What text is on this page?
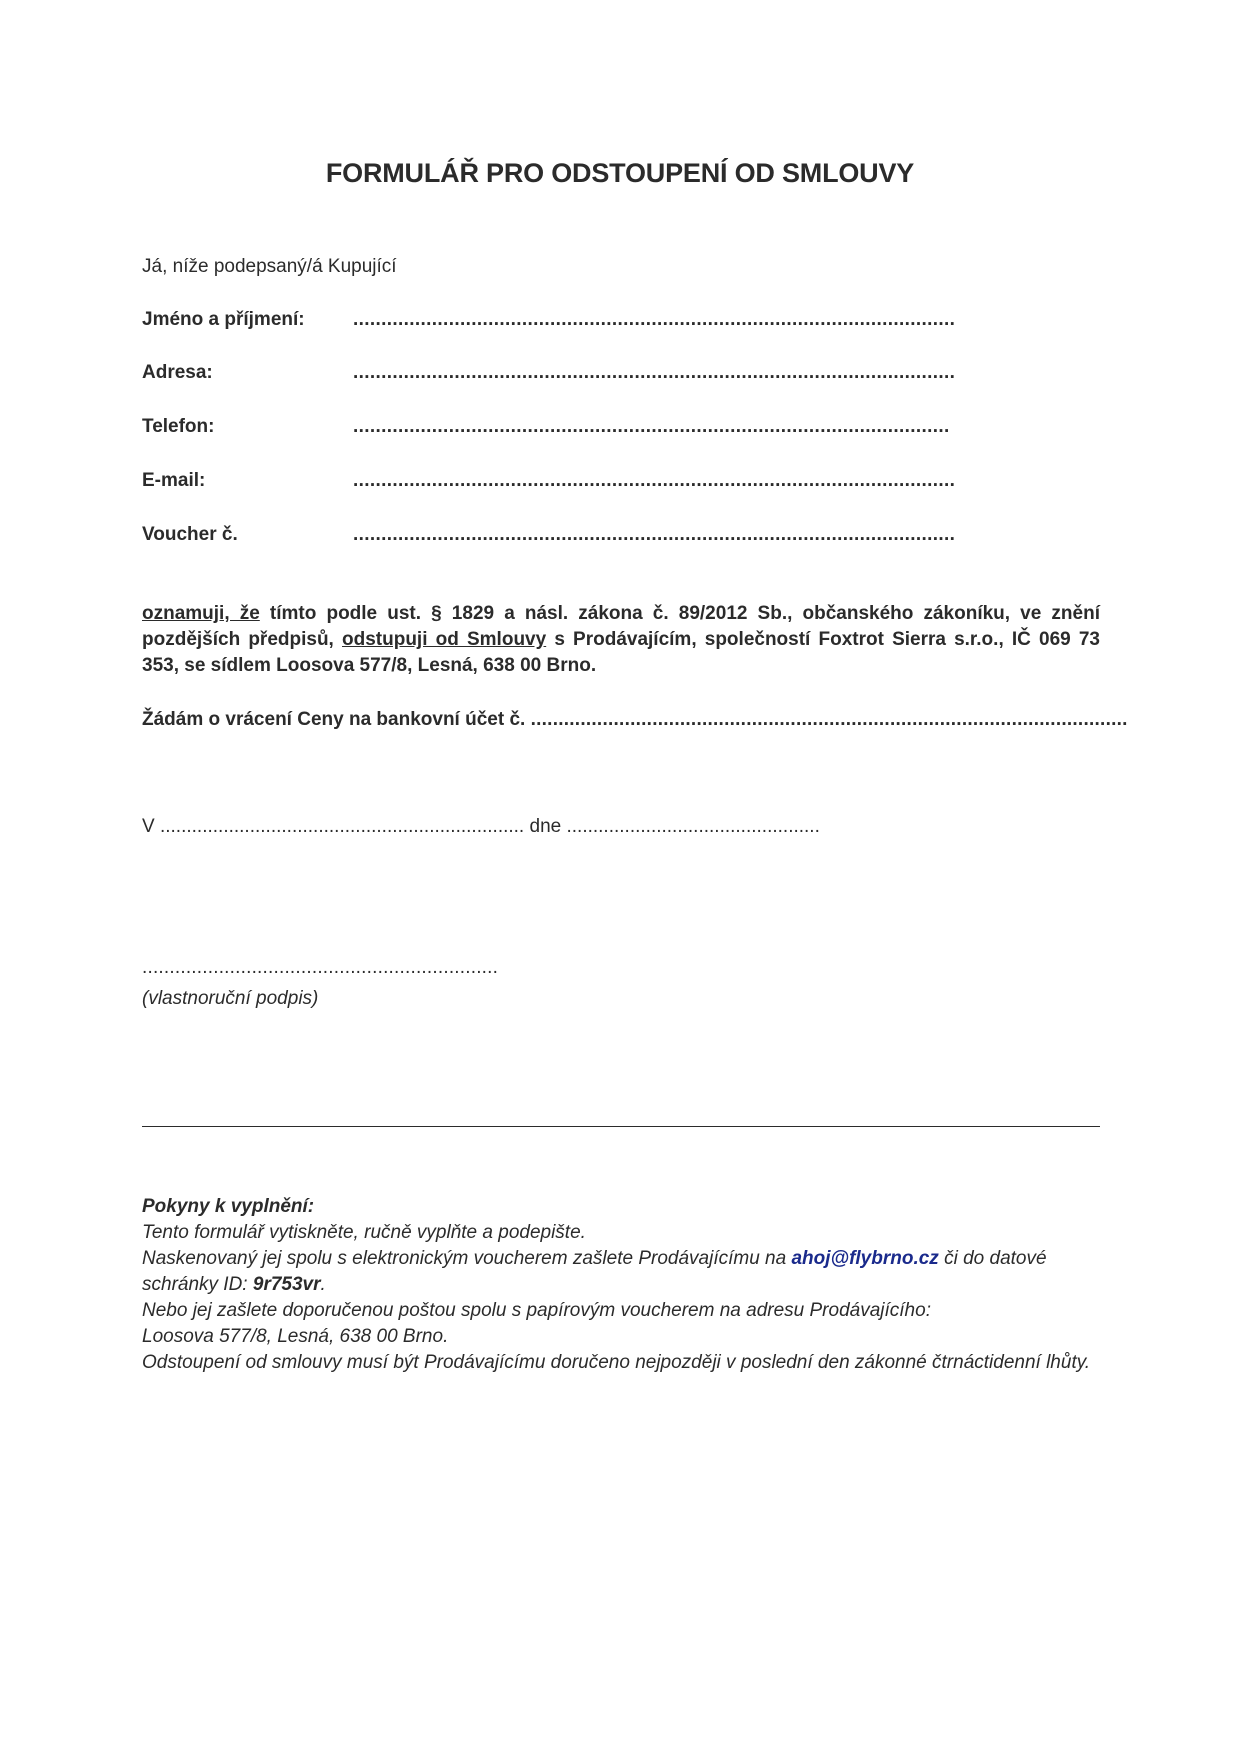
FORMULÁŘ PRO ODSTOUPENÍ OD SMLOUVY
Já, níže podepsaný/á Kupující
Jméno a příjmení:	...........................................................................................................
Adresa:	...........................................................................................................
Telefon:	..........................................................................................................
E-mail:	...........................................................................................................
Voucher č.	...........................................................................................................
oznamuji, že tímto podle ust. § 1829 a násl. zákona č. 89/2012 Sb., občanského zákoníku, ve znění pozdějších předpisů, odstupuji od Smlouvy s Prodávajícím, společností Foxtrot Sierra s.r.o., IČ 069 73 353, se sídlem Loosova 577/8, Lesná, 638 00 Brno.
Žádám o vrácení Ceny na bankovní účet č. ............................................................................................................
V ..................................................................... dne ................................................
.................................................................
(vlastnoruční podpis)

Pokyny k vyplnění:

Tento formulář vytiskněte, ručně vyplňte a podepište.

Naskenovaný jej spolu s elektronickým voucherem zašlete Prodávajícímu na ahoj@flybrno.cz či do datové schránky ID: 9r753vr.

Nebo jej zašlete doporučenou poštou spolu s papírovým voucherem na adresu Prodávajícího:

Loosova 577/8, Lesná, 638 00 Brno.

Odstoupení od smlouvy musí být Prodávajícímu doručeno nejpozději v poslední den zákonné čtrnáctidenní lhůty.
